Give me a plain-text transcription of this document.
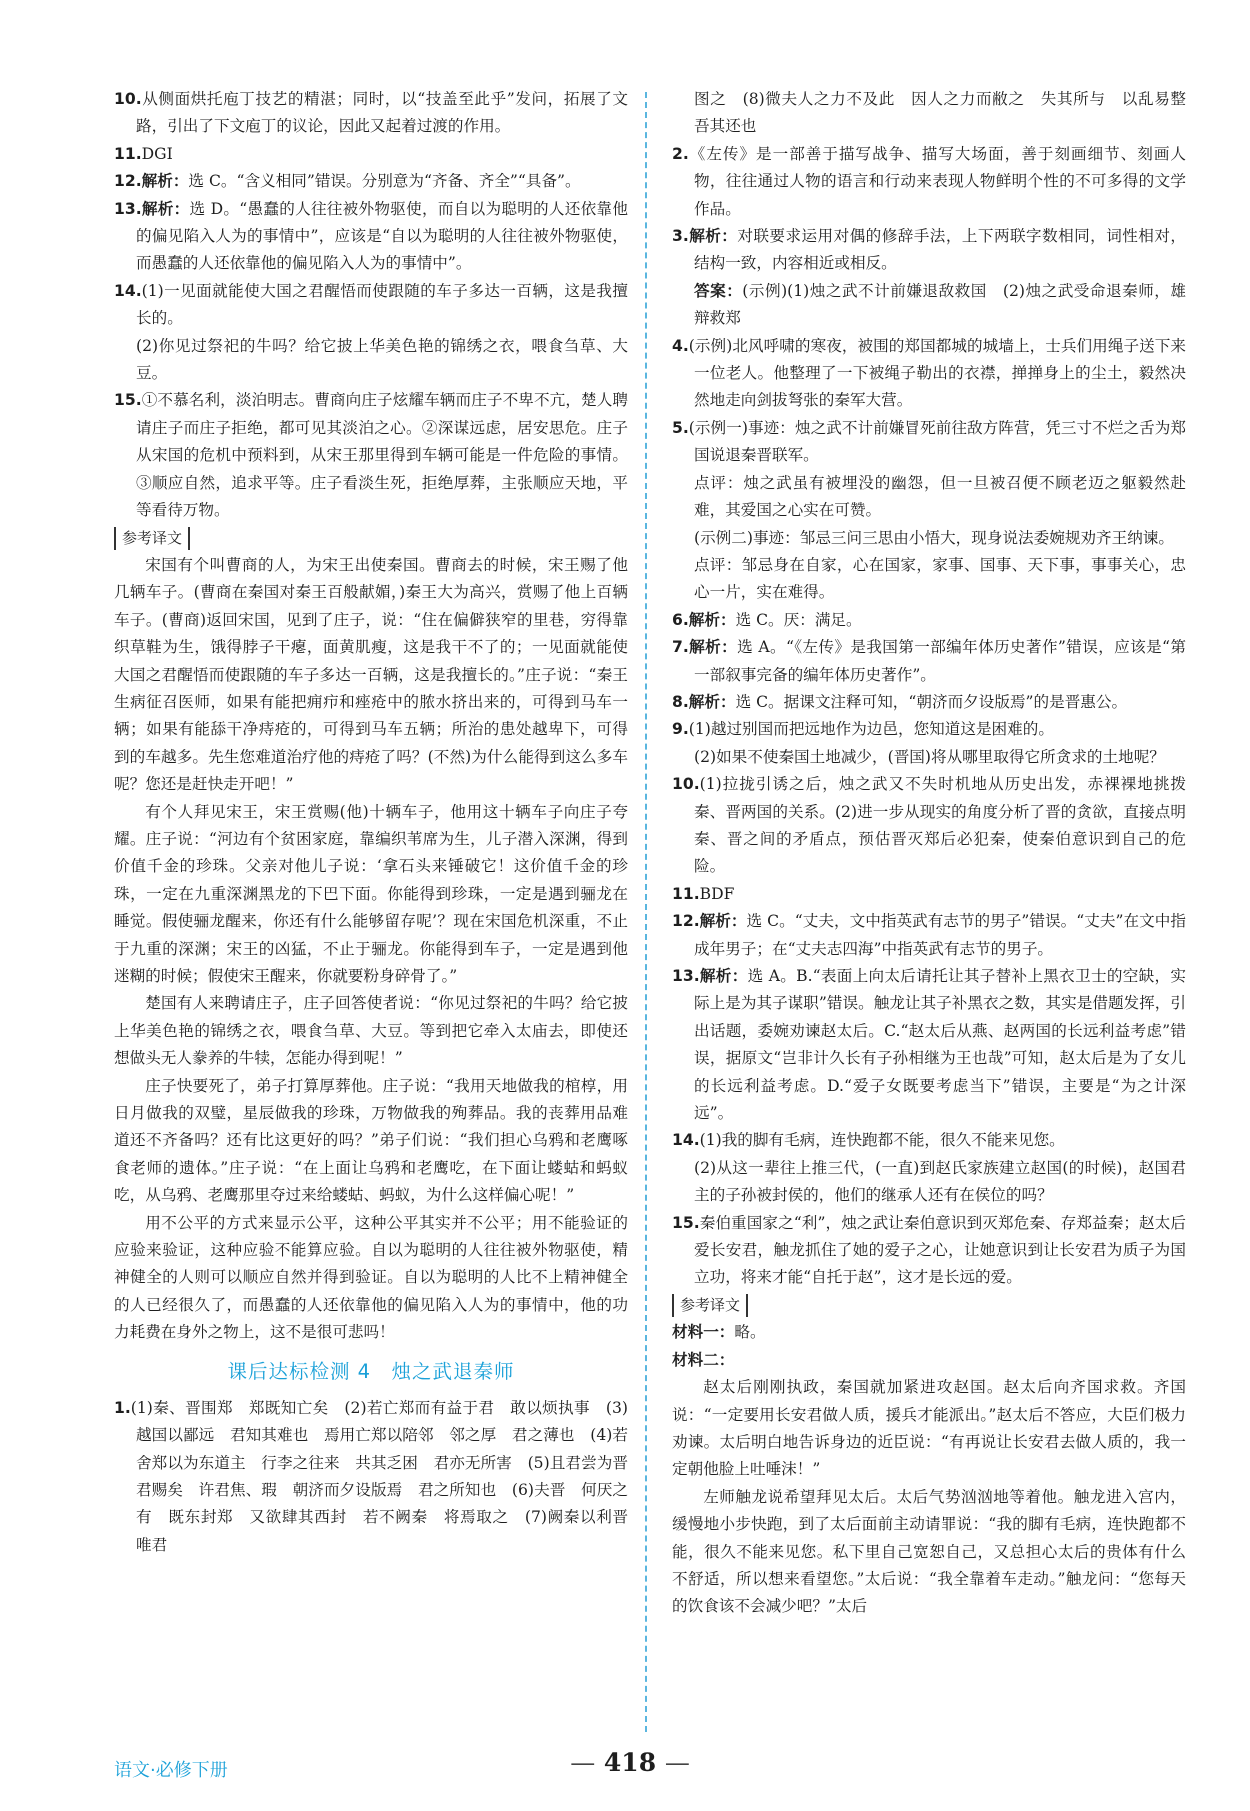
10.从侧面烘托庖丁技艺的精湛；同时，以“技盖至此乎”发问，拓展了文路，引出了下文庖丁的议论，因此又起着过渡的作用。

11.DGI

12.解析：选 C。“含义相同”错误。分别意为“齐备、齐全”“具备”。

13.解析：选 D。“愚蠢的人往往被外物驱使，而自以为聪明的人还依靠他的偏见陷入人为的事情中”，应该是“自以为聪明的人往往被外物驱使，而愚蠢的人还依靠他的偏见陷入人为的事情中”。

14.(1)一见面就能使大国之君醒悟而使跟随的车子多达一百辆，这是我擅长的。

(2)你见过祭祀的牛吗？给它披上华美色艳的锦绣之衣，喂食刍草、大豆。

15.①不慕名利，淡泊明志。曹商向庄子炫耀车辆而庄子不卑不亢，楚人聘请庄子而庄子拒绝，都可见其淡泊之心。②深谋远虑，居安思危。庄子从宋国的危机中预料到，从宋王那里得到车辆可能是一件危险的事情。③顺应自然，追求平等。庄子看淡生死，拒绝厚葬，主张顺应天地，平等看待万物。

参考译文

宋国有个叫曹商的人，为宋王出使秦国。曹商去的时候，宋王赐了他几辆车子。(曹商在秦国对秦王百般献媚，)秦王大为高兴，赏赐了他上百辆车子。(曹商)返回宋国，见到了庄子，说：“住在偏僻狭窄的里巷，穷得靠织草鞋为生，饿得脖子干瘪，面黄肌瘦，这是我干不了的；一见面就能使大国之君醒悟而使跟随的车子多达一百辆，这是我擅长的。”庄子说：“秦王生病征召医师，如果有能把痈疖和痤疮中的脓水挤出来的，可得到马车一辆；如果有能舔干净痔疮的，可得到马车五辆；所治的患处越卑下，可得到的车越多。先生您难道治疗他的痔疮了吗？(不然)为什么能得到这么多车呢？您还是赶快走开吧！”

有个人拜见宋王，宋王赏赐(他)十辆车子，他用这十辆车子向庄子夸耀。庄子说：“河边有个贫困家庭，靠编织苇席为生，儿子潜入深渊，得到价值千金的珍珠。父亲对他儿子说：‘拿石头来锤破它！这价值千金的珍珠，一定在九重深渊黑龙的下巴下面。你能得到珍珠，一定是遇到骊龙在睡觉。假使骊龙醒来，你还有什么能够留存呢’？现在宋国危机深重，不止于九重的深渊；宋王的凶猛，不止于骊龙。你能得到车子，一定是遇到他迷糊的时候；假使宋王醒来，你就要粉身碎骨了。”

楚国有人来聘请庄子，庄子回答使者说：“你见过祭祀的牛吗？给它披上华美色艳的锦绣之衣，喂食刍草、大豆。等到把它牵入太庙去，即使还想做头无人豢养的牛犊，怎能办得到呢！”

庄子快要死了，弟子打算厚葬他。庄子说：“我用天地做我的棺椁，用日月做我的双璧，星辰做我的珍珠，万物做我的殉葬品。我的丧葬用品难道还不齐备吗？还有比这更好的吗？”弟子们说：“我们担心乌鸦和老鹰啄食老师的遗体。”庄子说：“在上面让乌鸦和老鹰吃，在下面让蝼蛄和蚂蚁吃，从乌鸦、老鹰那里夺过来给蝼蛄、蚂蚁，为什么这样偏心呢！”

用不公平的方式来显示公平，这种公平其实并不公平；用不能验证的应验来验证，这种应验不能算应验。自以为聪明的人往往被外物驱使，精神健全的人则可以顺应自然并得到验证。自以为聪明的人比不上精神健全的人已经很久了，而愚蠢的人还依靠他的偏见陷入人为的事情中，他的功力耗费在身外之物上，这不是很可悲吗！

课后达标检测 4　烛之武退秦师

1.(1)秦、晋围郑　郑既知亡矣　(2)若亡郑而有益于君　敢以烦执事　(3)越国以鄙远　君知其难也　焉用亡郑以陪邻　邻之厚　君之薄也　(4)若舍郑以为东道主　行李之往来　共其乏困　君亦无所害　(5)且君尝为晋君赐矣　许君焦、瑕　朝济而夕设版焉　君之所知也　(6)夫晋　何厌之有　既东封郑　又欲肆其西封　若不阙秦　将焉取之　(7)阙秦以利晋　唯君

图之　(8)微夫人之力不及此　因人之力而敝之　失其所与　以乱易整　吾其还也

2.《左传》是一部善于描写战争、描写大场面，善于刻画细节、刻画人物，往往通过人物的语言和行动来表现人物鲜明个性的不可多得的文学作品。

3.解析：对联要求运用对偶的修辞手法，上下两联字数相同，词性相对，结构一致，内容相近或相反。

答案：(示例)(1)烛之武不计前嫌退敌救国　(2)烛之武受命退秦师，雄辩救郑

4.(示例)北风呼啸的寒夜，被围的郑国都城的城墙上，士兵们用绳子送下来一位老人。他整理了一下被绳子勒出的衣襟，掸掸身上的尘土，毅然决然地走向剑拔弩张的秦军大营。

5.(示例一)事迹：烛之武不计前嫌冒死前往敌方阵营，凭三寸不烂之舌为郑国说退秦晋联军。

点评：烛之武虽有被埋没的幽怨，但一旦被召便不顾老迈之躯毅然赴难，其爱国之心实在可赞。

(示例二)事迹：邹忌三问三思由小悟大，现身说法委婉规劝齐王纳谏。

点评：邹忌身在自家，心在国家，家事、国事、天下事，事事关心，忠心一片，实在难得。

6.解析：选 C。厌：满足。

7.解析：选 A。“《左传》是我国第一部编年体历史著作”错误，应该是“第一部叙事完备的编年体历史著作”。

8.解析：选 C。据课文注释可知，“朝济而夕设版焉”的是晋惠公。

9.(1)越过别国而把远地作为边邑，您知道这是困难的。

(2)如果不使秦国土地减少，(晋国)将从哪里取得它所贪求的土地呢？

10.(1)拉拢引诱之后，烛之武又不失时机地从历史出发，赤裸裸地挑拨秦、晋两国的关系。(2)进一步从现实的角度分析了晋的贪欲，直接点明秦、晋之间的矛盾点，预估晋灭郑后必犯秦，使秦伯意识到自己的危险。

11.BDF

12.解析：选 C。“丈夫，文中指英武有志节的男子”错误。“丈夫”在文中指成年男子；在“丈夫志四海”中指英武有志节的男子。

13.解析：选 A。B.“表面上向太后请托让其子替补上黑衣卫士的空缺，实际上是为其子谋职”错误。触龙让其子补黑衣之数，其实是借题发挥，引出话题，委婉劝谏赵太后。C.“赵太后从燕、赵两国的长远利益考虑”错误，据原文“岂非计久长有子孙相继为王也哉”可知，赵太后是为了女儿的长远利益考虑。D.“爱子女既要考虑当下”错误，主要是“为之计深远”。

14.(1)我的脚有毛病，连快跑都不能，很久不能来见您。

(2)从这一辈往上推三代，(一直)到赵氏家族建立赵国(的时候)，赵国君主的子孙被封侯的，他们的继承人还有在侯位的吗？

15.秦伯重国家之“利”，烛之武让秦伯意识到灭郑危秦、存郑益秦；赵太后爱长安君，触龙抓住了她的爱子之心，让她意识到让长安君为质子为国立功，将来才能“自托于赵”，这才是长远的爱。

参考译文

材料一：略。

材料二：

赵太后刚刚执政，秦国就加紧进攻赵国。赵太后向齐国求救。齐国说：“一定要用长安君做人质，援兵才能派出。”赵太后不答应，大臣们极力劝谏。太后明白地告诉身边的近臣说：“有再说让长安君去做人质的，我一定朝他脸上吐唾沫！”

左师触龙说希望拜见太后。太后气势汹汹地等着他。触龙进入宫内，缓慢地小步快跑，到了太后面前主动请罪说：“我的脚有毛病，连快跑都不能，很久不能来见您。私下里自己宽恕自己，又总担心太后的贵体有什么不舒适，所以想来看望您。”太后说：“我全靠着车走动。”触龙问：“您每天的饮食该不会减少吧？”太后

语文·必修下册	— 418 —
